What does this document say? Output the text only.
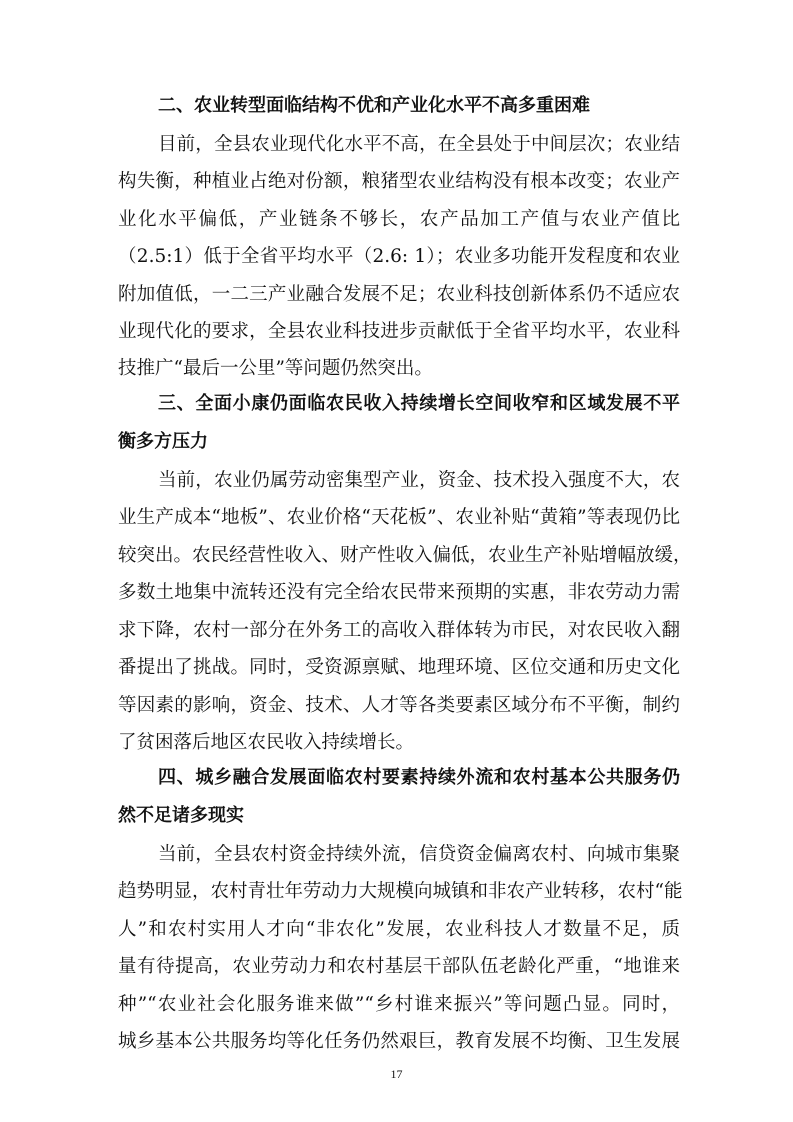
二、农业转型面临结构不优和产业化水平不高多重困难
目前，全县农业现代化水平不高，在全县处于中间层次；农业结
构失衡，种植业占绝对份额，粮猪型农业结构没有根本改变；农业产
业化水平偏低，产业链条不够长，农产品加工产值与农业产值比
（2.5:1）低于全省平均水平（2.6: 1）；农业多功能开发程度和农业
附加值低，一二三产业融合发展不足；农业科技创新体系仍不适应农
业现代化的要求，全县农业科技进步贡献低于全省平均水平，农业科
技推广“最后一公里”等问题仍然突出。
三、全面小康仍面临农民收入持续增长空间收窄和区域发展不平
衡多方压力
当前，农业仍属劳动密集型产业，资金、技术投入强度不大，农
业生产成本“地板”、农业价格“天花板”、农业补贴“黄箱”等表现仍比
较突出。农民经营性收入、财产性收入偏低，农业生产补贴增幅放缓，
多数土地集中流转还没有完全给农民带来预期的实惠，非农劳动力需
求下降，农村一部分在外务工的高收入群体转为市民，对农民收入翻
番提出了挑战。同时，受资源禀赋、地理环境、区位交通和历史文化
等因素的影响，资金、技术、人才等各类要素区域分布不平衡，制约
了贫困落后地区农民收入持续增长。
四、城乡融合发展面临农村要素持续外流和农村基本公共服务仍
然不足诸多现实
当前，全县农村资金持续外流，信贷资金偏离农村、向城市集聚
趋势明显，农村青壮年劳动力大规模向城镇和非农产业转移，农村“能
人”和农村实用人才向“非农化”发展，农业科技人才数量不足，质
量有待提高，农业劳动力和农村基层干部队伍老龄化严重，“地谁来
种”“农业社会化服务谁来做”“乡村谁来振兴”等问题凸显。同时，
城乡基本公共服务均等化任务仍然艰巨，教育发展不均衡、卫生发展
17
